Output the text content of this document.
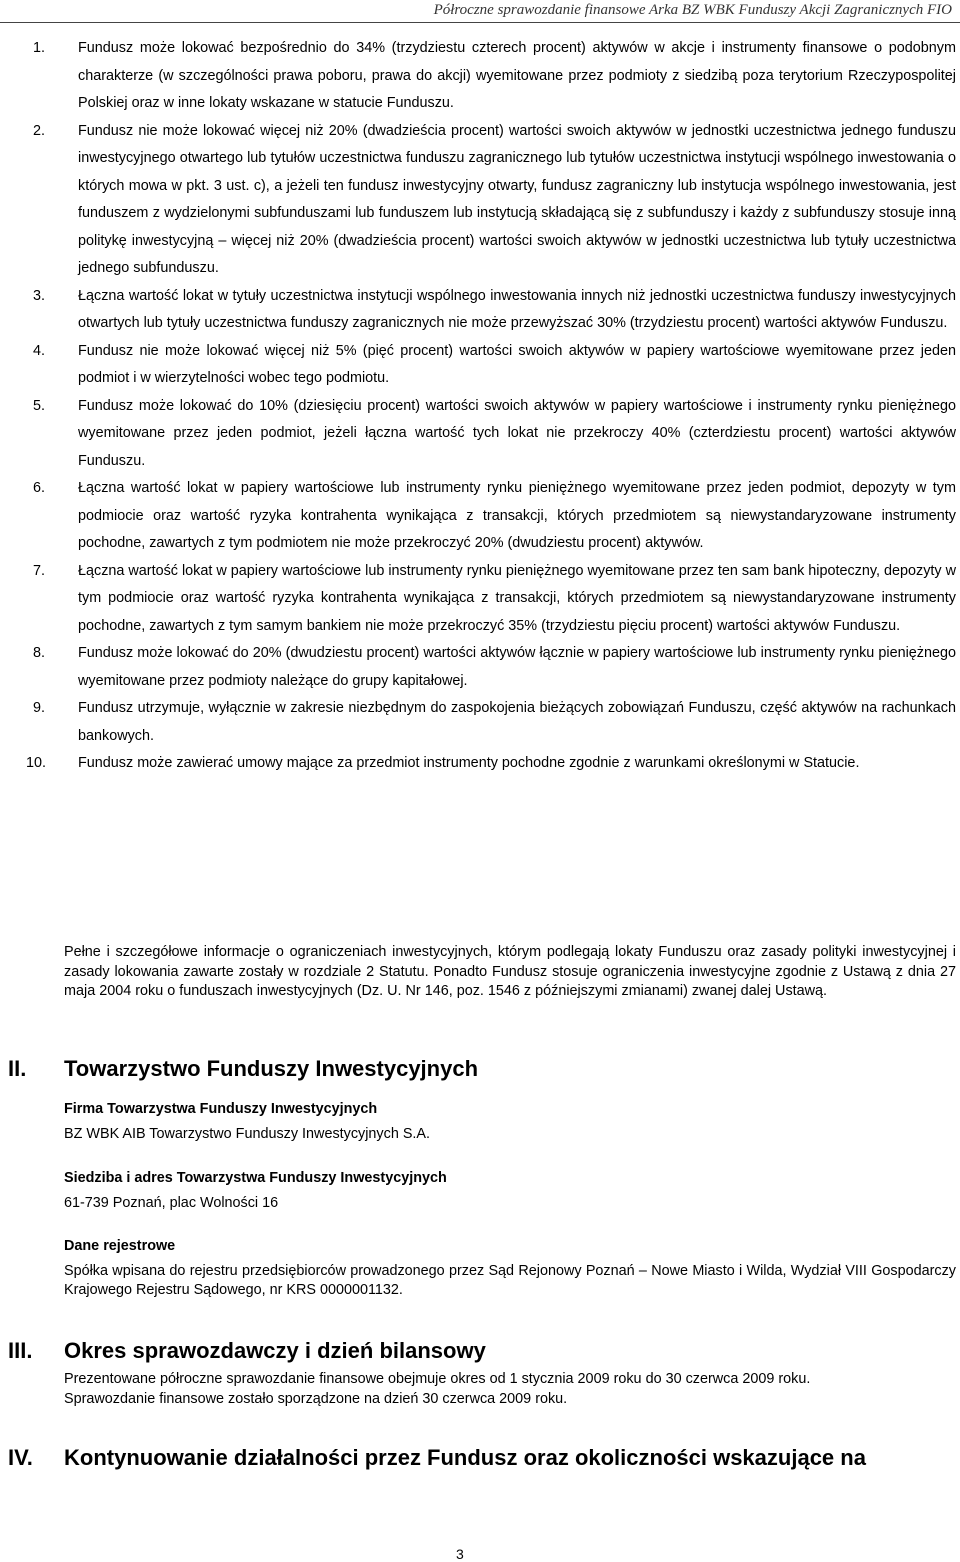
Półroczne sprawozdanie finansowe Arka BZ WBK Funduszy Akcji Zagranicznych FIO
1. Fundusz może lokować bezpośrednio do 34% (trzydziestu czterech procent) aktywów w akcje i instrumenty finansowe o podobnym charakterze (w szczególności prawa poboru, prawa do akcji) wyemitowane przez podmioty z siedzibą poza terytorium Rzeczypospolitej Polskiej oraz w inne lokaty wskazane w statucie Funduszu.
2. Fundusz nie może lokować więcej niż 20% (dwadzieścia procent) wartości swoich aktywów w jednostki uczestnictwa jednego funduszu inwestycyjnego otwartego lub tytułów uczestnictwa funduszu zagranicznego lub tytułów uczestnictwa instytucji wspólnego inwestowania o których mowa w pkt. 3 ust. c), a jeżeli ten fundusz inwestycyjny otwarty, fundusz zagraniczny lub instytucja wspólnego inwestowania, jest funduszem z wydzielonymi subfunduszami lub funduszem lub instytucją składającą się z subfunduszy i każdy z subfunduszy stosuje inną politykę inwestycyjną – więcej niż 20% (dwadzieścia procent) wartości swoich aktywów w jednostki uczestnictwa lub tytuły uczestnictwa jednego subfunduszu.
3. Łączna wartość lokat w tytuły uczestnictwa instytucji wspólnego inwestowania innych niż jednostki uczestnictwa funduszy inwestycyjnych otwartych lub tytuły uczestnictwa funduszy zagranicznych nie może przewyższać 30% (trzydziestu procent) wartości aktywów Funduszu.
4. Fundusz nie może lokować więcej niż 5% (pięć procent) wartości swoich aktywów w papiery wartościowe wyemitowane przez jeden podmiot i w wierzytelności wobec tego podmiotu.
5. Fundusz może lokować do 10% (dziesięciu procent) wartości swoich aktywów w papiery wartościowe i instrumenty rynku pieniężnego wyemitowane przez jeden podmiot, jeżeli łączna wartość tych lokat nie przekroczy 40% (czterdziestu procent) wartości aktywów Funduszu.
6. Łączna wartość lokat w papiery wartościowe lub instrumenty rynku pieniężnego wyemitowane przez jeden podmiot, depozyty w tym podmiocie oraz wartość ryzyka kontrahenta wynikająca z transakcji, których przedmiotem są niewystandaryzowane instrumenty pochodne, zawartych z tym podmiotem nie może przekroczyć 20% (dwudziestu procent) aktywów.
7. Łączna wartość lokat w papiery wartościowe lub instrumenty rynku pieniężnego wyemitowane przez ten sam bank hipoteczny, depozyty w tym podmiocie oraz wartość ryzyka kontrahenta wynikająca z transakcji, których przedmiotem są niewystandaryzowane instrumenty pochodne, zawartych z tym samym bankiem nie może przekroczyć 35% (trzydziestu pięciu procent) wartości aktywów Funduszu.
8. Fundusz może lokować do 20% (dwudziestu procent) wartości aktywów łącznie w papiery wartościowe lub instrumenty rynku pieniężnego wyemitowane przez podmioty należące do grupy kapitałowej.
9. Fundusz utrzymuje, wyłącznie w zakresie niezbędnym do zaspokojenia bieżących zobowiązań Funduszu, część aktywów na rachunkach bankowych.
10. Fundusz może zawierać umowy mające za przedmiot instrumenty pochodne zgodnie z warunkami określonymi w Statucie.

Pełne i szczegółowe informacje o ograniczeniach inwestycyjnych, którym podlegają lokaty Funduszu oraz zasady polityki inwestycyjnej i zasady lokowania zawarte zostały w rozdziale 2 Statutu. Ponadto Fundusz stosuje ograniczenia inwestycyjne zgodnie z Ustawą z dnia 27 maja 2004 roku o funduszach inwestycyjnych (Dz. U. Nr 146, poz. 1546 z późniejszymi zmianami) zwanej dalej Ustawą.

II. Towarzystwo Funduszy Inwestycyjnych
Firma Towarzystwa Funduszy Inwestycyjnych
BZ WBK AIB Towarzystwo Funduszy Inwestycyjnych S.A.
Siedziba i adres Towarzystwa Funduszy Inwestycyjnych
61-739 Poznań, plac Wolności 16
Dane rejestrowe
Spółka wpisana do rejestru przedsiębiorców prowadzonego przez Sąd Rejonowy Poznań – Nowe Miasto i Wilda, Wydział VIII Gospodarczy Krajowego Rejestru Sądowego, nr KRS 0000001132.
III. Okres sprawozdawczy i dzień bilansowy
Prezentowane półroczne sprawozdanie finansowe obejmuje okres od 1 stycznia 2009 roku do 30 czerwca 2009 roku.
Sprawozdanie finansowe zostało sporządzone na dzień 30 czerwca 2009 roku.
IV. Kontynuowanie działalności przez Fundusz oraz okoliczności wskazujące na
3
